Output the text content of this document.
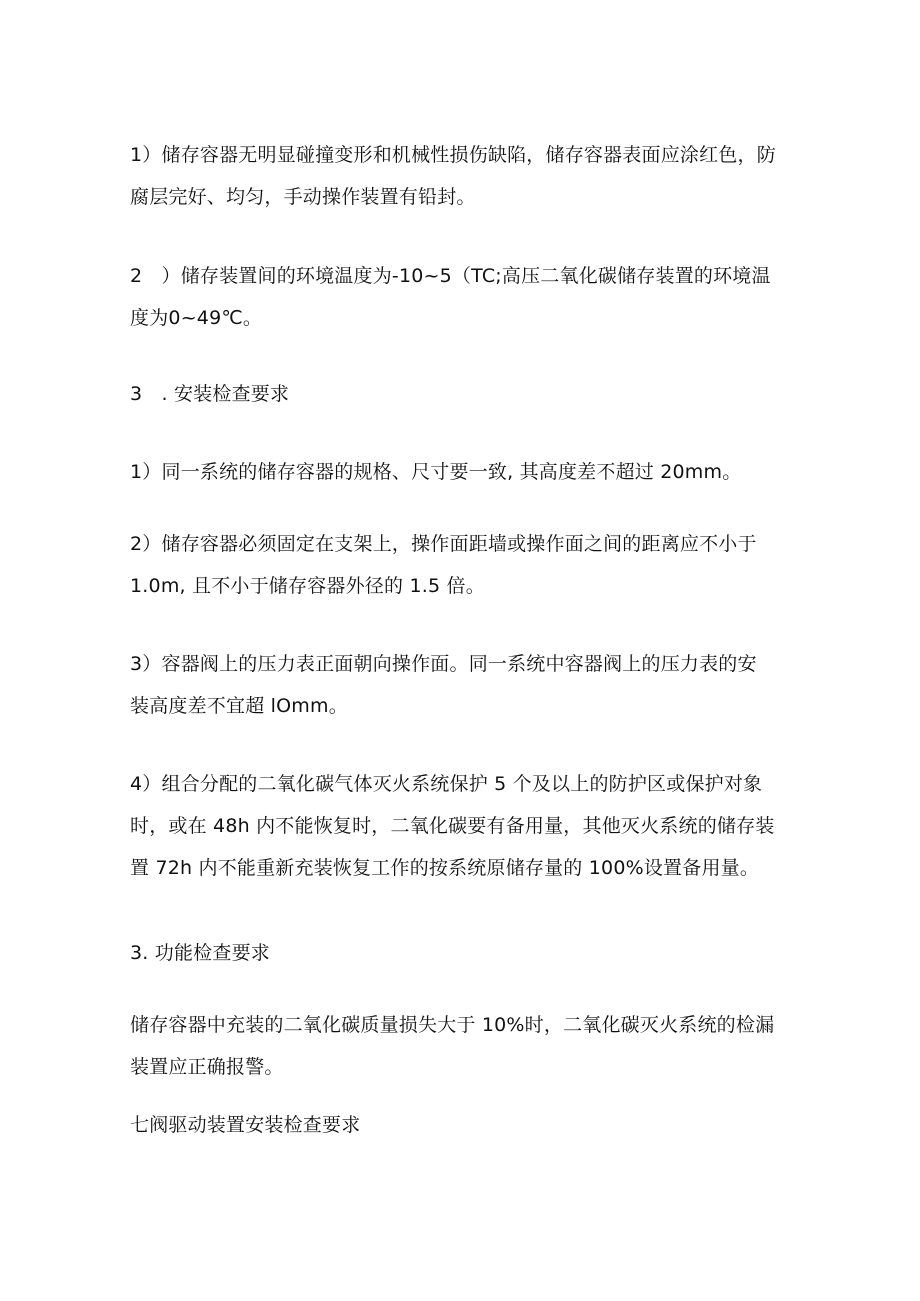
1）储存容器无明显碰撞变形和机械性损伤缺陷，储存容器表面应涂红色，防
腐层完好、均匀，手动操作装置有铅封。

2　）储存装置间的环境温度为-10~5（TC;高压二氧化碳储存装置的环境温
度为0~49℃。

3　. 安装检查要求

1）同一系统的储存容器的规格、尺寸要一致, 其高度差不超过 20mm。

2）储存容器必须固定在支架上，操作面距墙或操作面之间的距离应不小于
1.0m, 且不小于储存容器外径的 1.5 倍。

3）容器阀上的压力表正面朝向操作面。同一系统中容器阀上的压力表的安
装高度差不宜超 lOmm。

4）组合分配的二氧化碳气体灭火系统保护 5 个及以上的防护区或保护对象
时，或在 48h 内不能恢复时，二氧化碳要有备用量，其他灭火系统的储存装
置 72h 内不能重新充装恢复工作的按系统原储存量的 100%设置备用量。

3. 功能检查要求

储存容器中充装的二氧化碳质量损失大于 10%时，二氧化碳灭火系统的检漏
装置应正确报警。

七阀驱动装置安装检查要求
